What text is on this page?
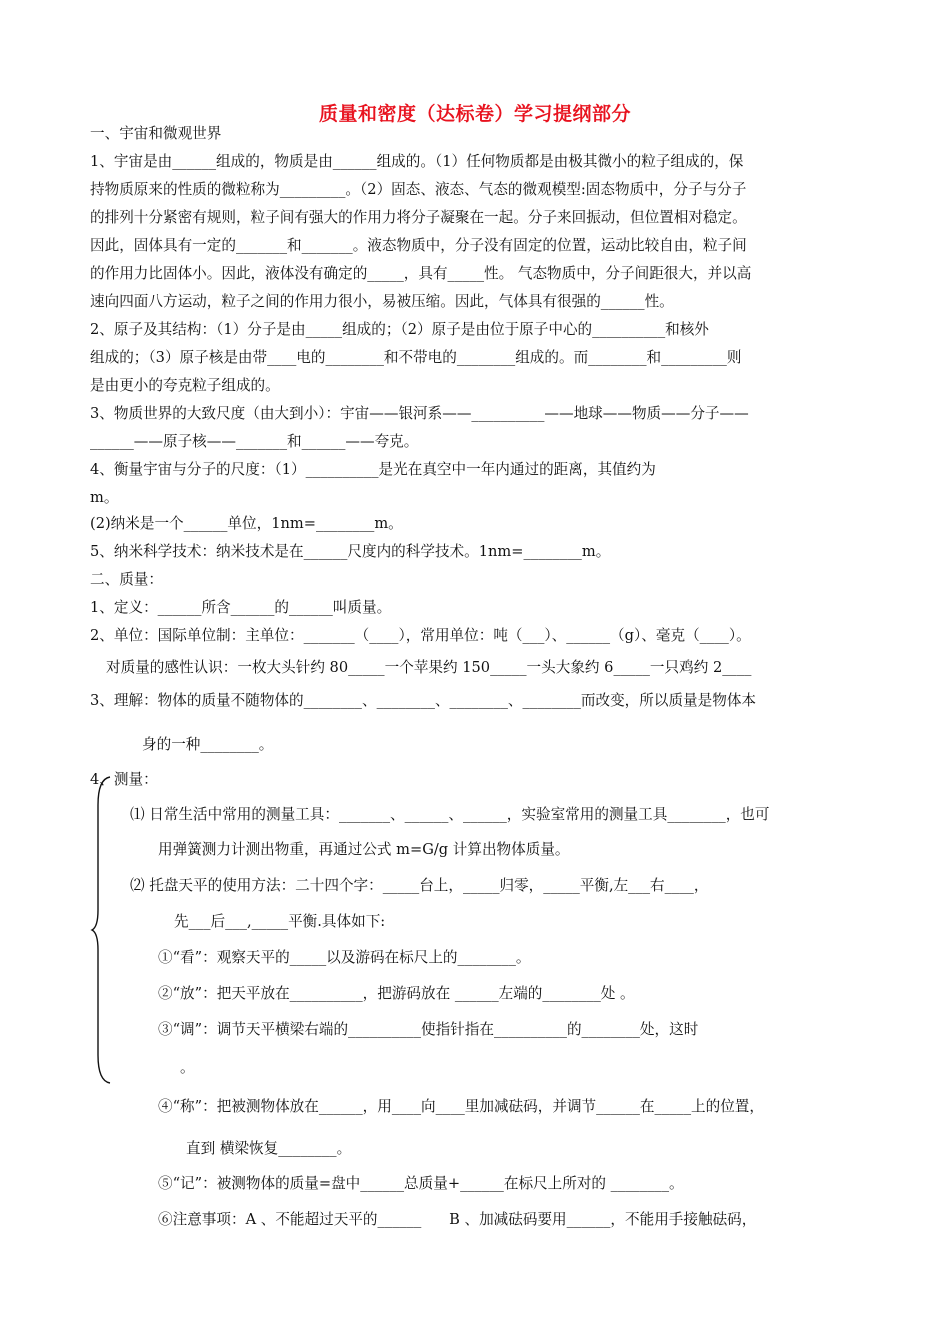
质量和密度（达标卷）学习提纲部分
一、宇宙和微观世界
1、宇宙是由______组成的，物质是由______组成的。（1）任何物质都是由极其微小的粒子组成的，保
持物质原来的性质的微粒称为_________。（2）固态、液态、气态的微观模型:固态物质中，分子与分子
的排列十分紧密有规则，粒子间有强大的作用力将分子凝聚在一起。分子来回振动，但位置相对稳定。
因此，固体具有一定的_______和_______。液态物质中，分子没有固定的位置，运动比较自由，粒子间
的作用力比固体小。因此，液体没有确定的_____，具有_____性。 气态物质中，分子间距很大，并以高
速向四面八方运动，粒子之间的作用力很小，易被压缩。因此，气体具有很强的______性。
2、原子及其结构：（1）分子是由_____组成的；（2）原子是由位于原子中心的__________和核外
组成的；（3）原子核是由带____电的________和不带电的________组成的。而________和_________则
是由更小的夸克粒子组成的。
3、物质世界的大致尺度（由大到小）：宇宙——银河系——__________——地球——物质——分子——
______——原子核——_______和______——夸克。
4、衡量宇宙与分子的尺度：（1）__________是光在真空中一年内通过的距离，其值约为
m。
(2)纳米是一个______单位，1nm=________m。
5、纳米科学技术：纳米技术是在______尺度内的科学技术。1nm=________m。
二、质量：
1、定义：______所含______的______叫质量。
2、单位：国际单位制：主单位：_______（____），常用单位：吨（___）、______（g）、毫克（____）。
对质量的感性认识：一枚大头针约 80_____一个苹果约 150_____一头大象约 6_____一只鸡约 2____
3、理解：物体的质量不随物体的________、________、________、________而改变，所以质量是物体本
身的一种________。
4、测量：
⑴ 日常生活中常用的测量工具：_______、______、______，实验室常用的测量工具________，也可
用弹簧测力计测出物重，再通过公式 m=G/g 计算出物体质量。
⑵ 托盘天平的使用方法：二十四个字：_____台上，_____归零，_____平衡,左___右____，
先___后___,_____平衡.具体如下:
①“看”：观察天平的_____以及游码在标尺上的________。
②“放”：把天平放在__________，把游码放在 ______左端的________处 。
③“调”：调节天平横梁右端的__________使指针指在__________的________处，这时
。
④“称”：把被测物体放在______，用____向____里加减砝码，并调节______在_____上的位置，
直到 横梁恢复________。
⑤“记”：被测物体的质量=盘中______总质量+______在标尺上所对的 ________。
⑥注意事项：A 、不能超过天平的______      B 、加减砝码要用______，不能用手接触砝码，
